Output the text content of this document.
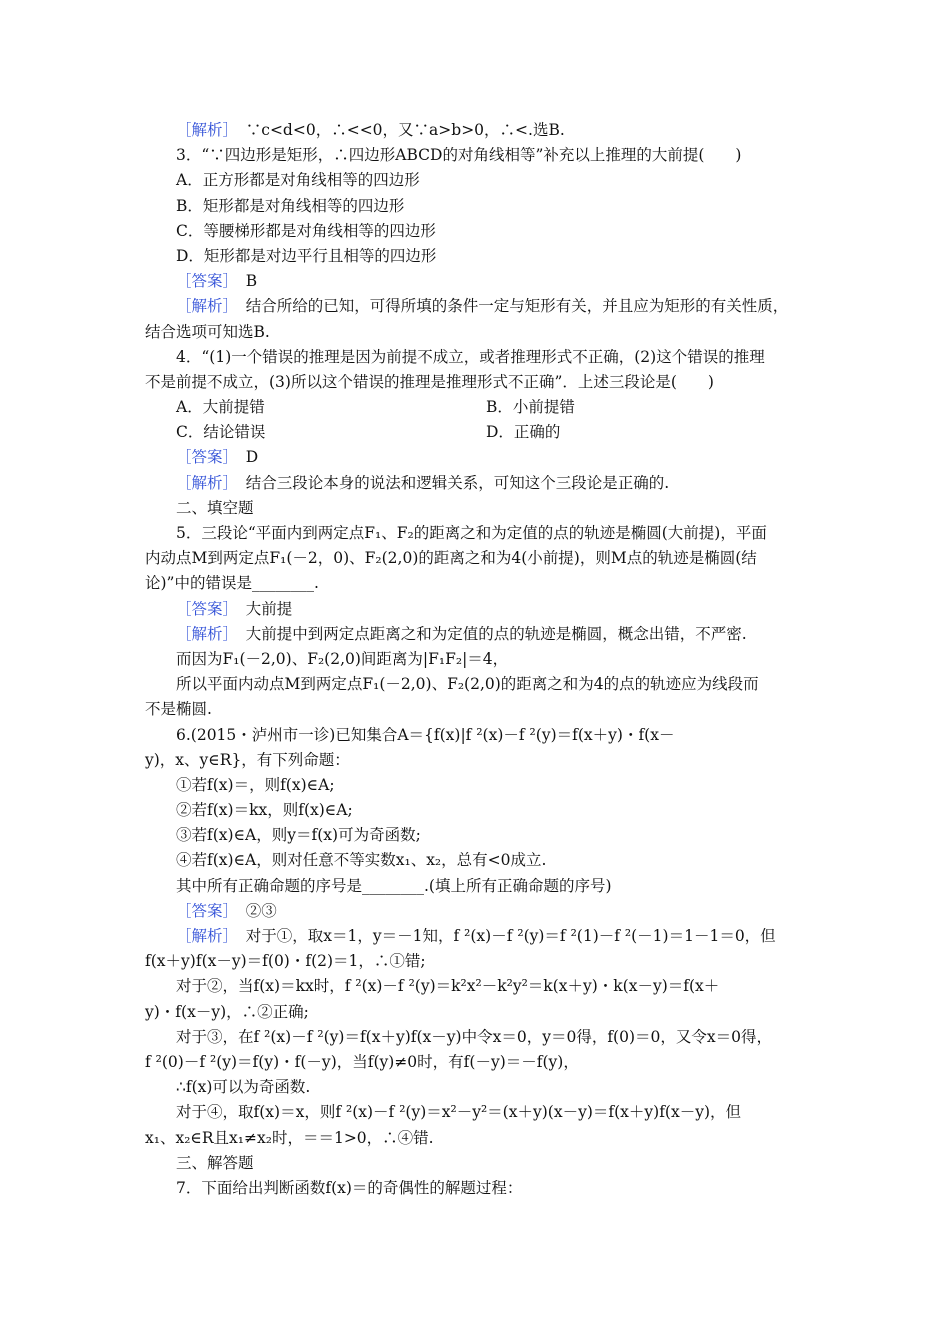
［解析］　∵c<d<0，∴<<0，又∵a>b>0，∴<.选B.
3．“∵四边形是矩形，∴四边形ABCD的对角线相等”补充以上推理的大前提(　　)
A．正方形都是对角线相等的四边形
B．矩形都是对角线相等的四边形
C．等腰梯形都是对角线相等的四边形
D．矩形都是对边平行且相等的四边形
［答案］　B
［解析］　结合所给的已知，可得所填的条件一定与矩形有关，并且应为矩形的有关性质，
结合选项可知选B.
4．“(1)一个错误的推理是因为前提不成立，或者推理形式不正确，(2)这个错误的推理
不是前提不成立，(3)所以这个错误的推理是推理形式不正确”．上述三段论是(　　)
A．大前提错	B．小前提错
C．结论错误	D．正确的
［答案］　D
［解析］　结合三段论本身的说法和逻辑关系，可知这个三段论是正确的.
二、填空题
5．三段论“平面内到两定点F₁、F₂的距离之和为定值的点的轨迹是椭圆(大前提)，平面
内动点M到两定点F₁(－2，0)、F₂(2,0)的距离之和为4(小前提)，则M点的轨迹是椭圆(结
论)”中的错误是________.
［答案］　大前提
［解析］　大前提中到两定点距离之和为定值的点的轨迹是椭圆，概念出错，不严密.
而因为F₁(－2,0)、F₂(2,0)间距离为|F₁F₂|＝4，
所以平面内动点M到两定点F₁(－2,0)、F₂(2,0)的距离之和为4的点的轨迹应为线段而
不是椭圆.
6.(2015・泸州市一诊)已知集合A＝{f(x)|f ²(x)－f ²(y)＝f(x＋y)・f(x－
y)，x、y∈R}，有下列命题：
①若f(x)＝，则f(x)∈A;
②若f(x)＝kx，则f(x)∈A;
③若f(x)∈A，则y＝f(x)可为奇函数;
④若f(x)∈A，则对任意不等实数x₁、x₂，总有<0成立.
其中所有正确命题的序号是________.(填上所有正确命题的序号)
［答案］　②③
［解析］　对于①，取x＝1，y＝－1知，f ²(x)－f ²(y)＝f ²(1)－f ²(－1)＝1－1＝0，但
f(x＋y)f(x－y)＝f(0)・f(2)＝1，∴①错;
对于②，当f(x)＝kx时，f ²(x)－f ²(y)＝k²x²－k²y²＝k(x＋y)・k(x－y)＝f(x＋
y)・f(x－y)，∴②正确;
对于③，在f ²(x)－f ²(y)＝f(x＋y)f(x－y)中令x＝0，y＝0得，f(0)＝0，又令x＝0得，
f ²(0)－f ²(y)＝f(y)・f(－y)，当f(y)≠0时，有f(－y)＝－f(y)，
∴f(x)可以为奇函数.
对于④，取f(x)＝x，则f ²(x)－f ²(y)＝x²－y²＝(x＋y)(x－y)＝f(x＋y)f(x－y)，但
x₁、x₂∈R且x₁≠x₂时，＝＝1>0，∴④错.
三、解答题
7．下面给出判断函数f(x)＝的奇偶性的解题过程：
